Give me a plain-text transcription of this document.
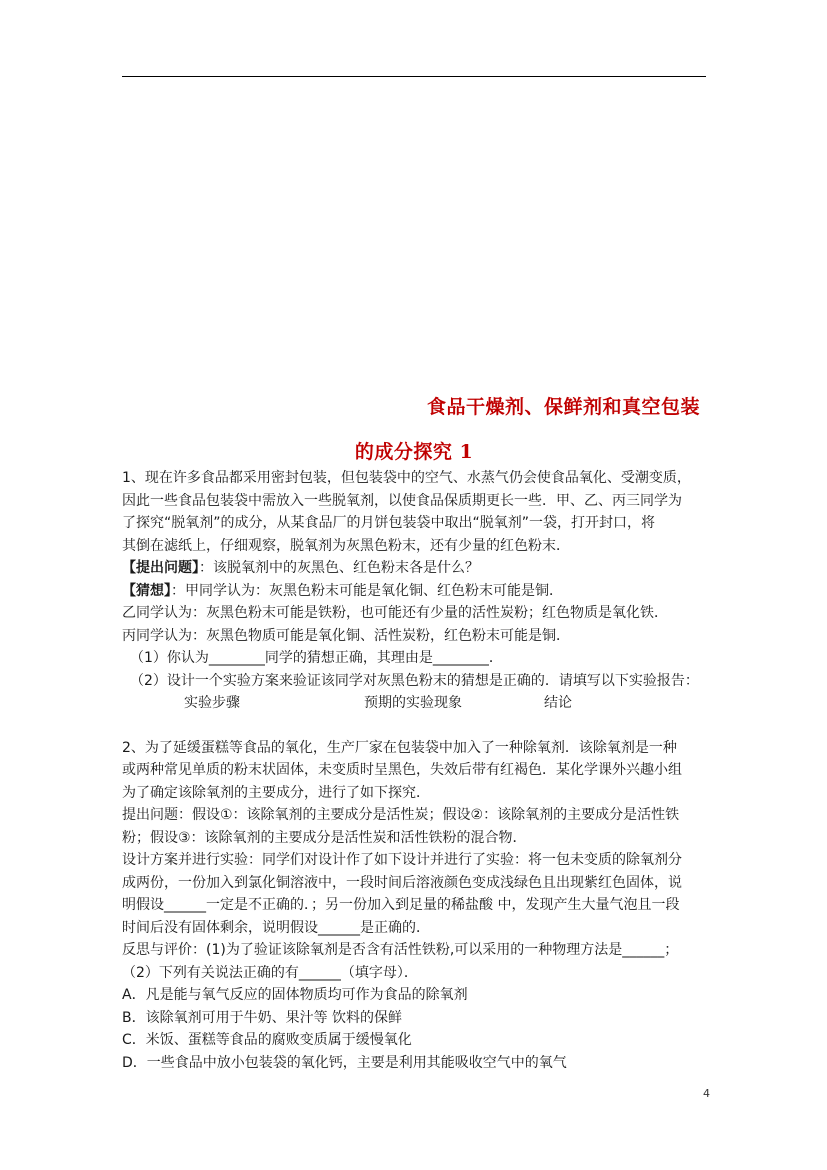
食品干燥剂、保鲜剂和真空包装
的成分探究 1

1、现在许多食品都采用密封包装，但包装袋中的空气、水蒸气仍会使食品氧化、受潮变质，

因此一些食品包装袋中需放入一些脱氧剂，以使食品保质期更长一些．甲、乙、丙三同学为

了探究“脱氧剂”的成分，从某食品厂的月饼包装袋中取出“脱氧剂”一袋，打开封口，将

其倒在滤纸上，仔细观察，脱氧剂为灰黑色粉末，还有少量的红色粉末．

【提出问题】：该脱氧剂中的灰黑色、红色粉末各是什么？

【猜想】：甲同学认为：灰黑色粉末可能是氧化铜、红色粉末可能是铜．

乙同学认为：灰黑色粉末可能是铁粉，也可能还有少量的活性炭粉；红色物质是氧化铁．

丙同学认为：灰黑色物质可能是氧化铜、活性炭粉，红色粉末可能是铜．

（1）你认为________同学的猜想正确，其理由是________．

（2）设计一个实验方案来验证该同学对灰黑色粉末的猜想是正确的．请填写以下实验报告：

实验步骤	预期的实验现象	结论

2、为了延缓蛋糕等食品的氧化，生产厂家在包装袋中加入了一种除氧剂．该除氧剂是一种

或两种常见单质的粉末状固体，未变质时呈黑色，失效后带有红褐色．某化学课外兴趣小组

为了确定该除氧剂的主要成分，进行了如下探究．

提出问题：假设①：该除氧剂的主要成分是活性炭；假设②：该除氧剂的主要成分是活性铁

粉；假设③：该除氧剂的主要成分是活性炭和活性铁粉的混合物．

设计方案并进行实验：同学们对设计作了如下设计并进行了实验：将一包未变质的除氧剂分

成两份，一份加入到氯化铜溶液中，一段时间后溶液颜色变成浅绿色且出现紫红色固体，说

明假设______一定是不正确的．；另一份加入到足量的稀盐酸 中，发现产生大量气泡且一段

时间后没有固体剩余，说明假设______是正确的．

反思与评价：(1)为了验证该除氧剂是否含有活性铁粉,可以采用的一种物理方法是______；

（2）下列有关说法正确的有______（填字母）．

A．凡是能与氧气反应的固体物质均可作为食品的除氧剂

B．该除氧剂可用于牛奶、果汁等 饮料的保鲜

C．米饭、蛋糕等食品的腐败变质属于缓慢氧化

D．一些食品中放小包装袋的氧化钙，主要是利用其能吸收空气中的氧气

4
